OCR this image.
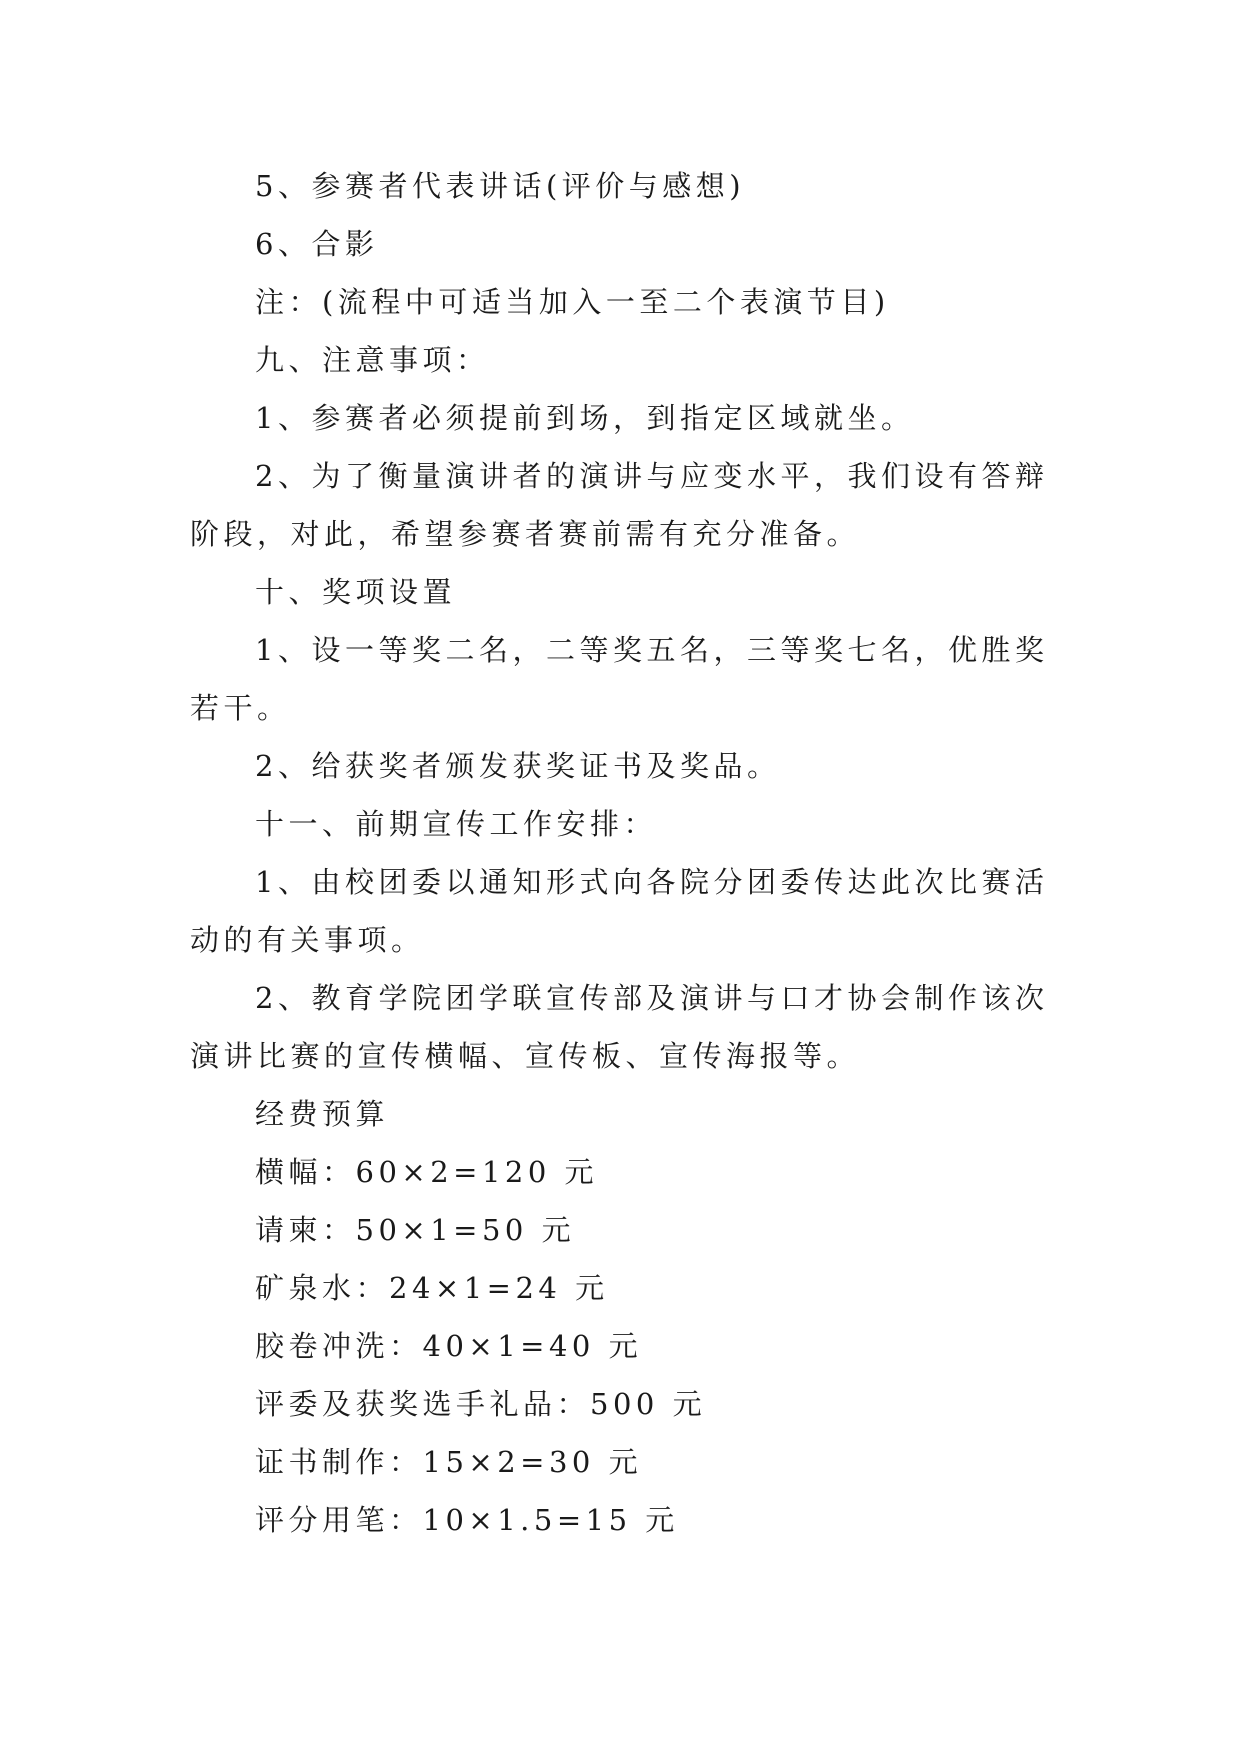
5、参赛者代表讲话(评价与感想)

6、合影

注：(流程中可适当加入一至二个表演节目)

九、注意事项：

1、参赛者必须提前到场，到指定区域就坐。

2、为了衡量演讲者的演讲与应变水平，我们设有答辩阶段，对此，希望参赛者赛前需有充分准备。

十、奖项设置

1、设一等奖二名，二等奖五名，三等奖七名，优胜奖若干。

2、给获奖者颁发获奖证书及奖品。

十一、前期宣传工作安排：

1、由校团委以通知形式向各院分团委传达此次比赛活动的有关事项。

2、教育学院团学联宣传部及演讲与口才协会制作该次演讲比赛的宣传横幅、宣传板、宣传海报等。

经费预算

横幅：60×2=120 元

请柬：50×1=50 元

矿泉水：24×1=24 元

胶卷冲洗：40×1=40 元

评委及获奖选手礼品：500 元

证书制作：15×2=30 元

评分用笔：10×1.5=15 元
